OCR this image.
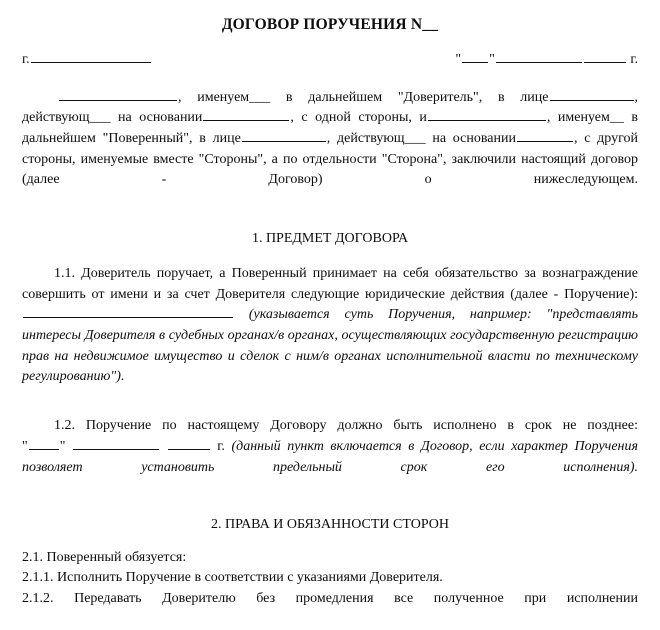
ДОГОВОР ПОРУЧЕНИЯ N__
г.	" "	г.
, именуем___ в дальнейшем "Доверитель", в лице	, действующ___ на основании	, с одной стороны, и	, именуем__ в дальнейшем "Поверенный", в лице	, действующ___ на основании	, с другой стороны, именуемые вместе "Стороны", а по отдельности "Сторона", заключили настоящий договор (далее - Договор) о нижеследующем.
1. ПРЕДМЕТ ДОГОВОРА
1.1. Доверитель поручает, а Поверенный принимает на себя обязательство за вознаграждение совершить от имени и за счет Доверителя следующие юридические действия (далее - Поручение): (указывается суть Поручения, например: "представлять интересы Доверителя в судебных органах/в органах, осуществляющих государственную регистрацию прав на недвижимое имущество и сделок с ним/в органах исполнительной власти по техническому регулированию").
1.2. Поручение по настоящему Договору должно быть исполнено в срок не позднее: " "	г. (данный пункт включается в Договор, если характер Поручения позволяет установить предельный срок его исполнения).
2. ПРАВА И ОБЯЗАННОСТИ СТОРОН
2.1. Поверенный обязуется:
2.1.1. Исполнить Поручение в соответствии с указаниями Доверителя.
2.1.2. Передавать Доверителю без промедления все полученное при исполнении
